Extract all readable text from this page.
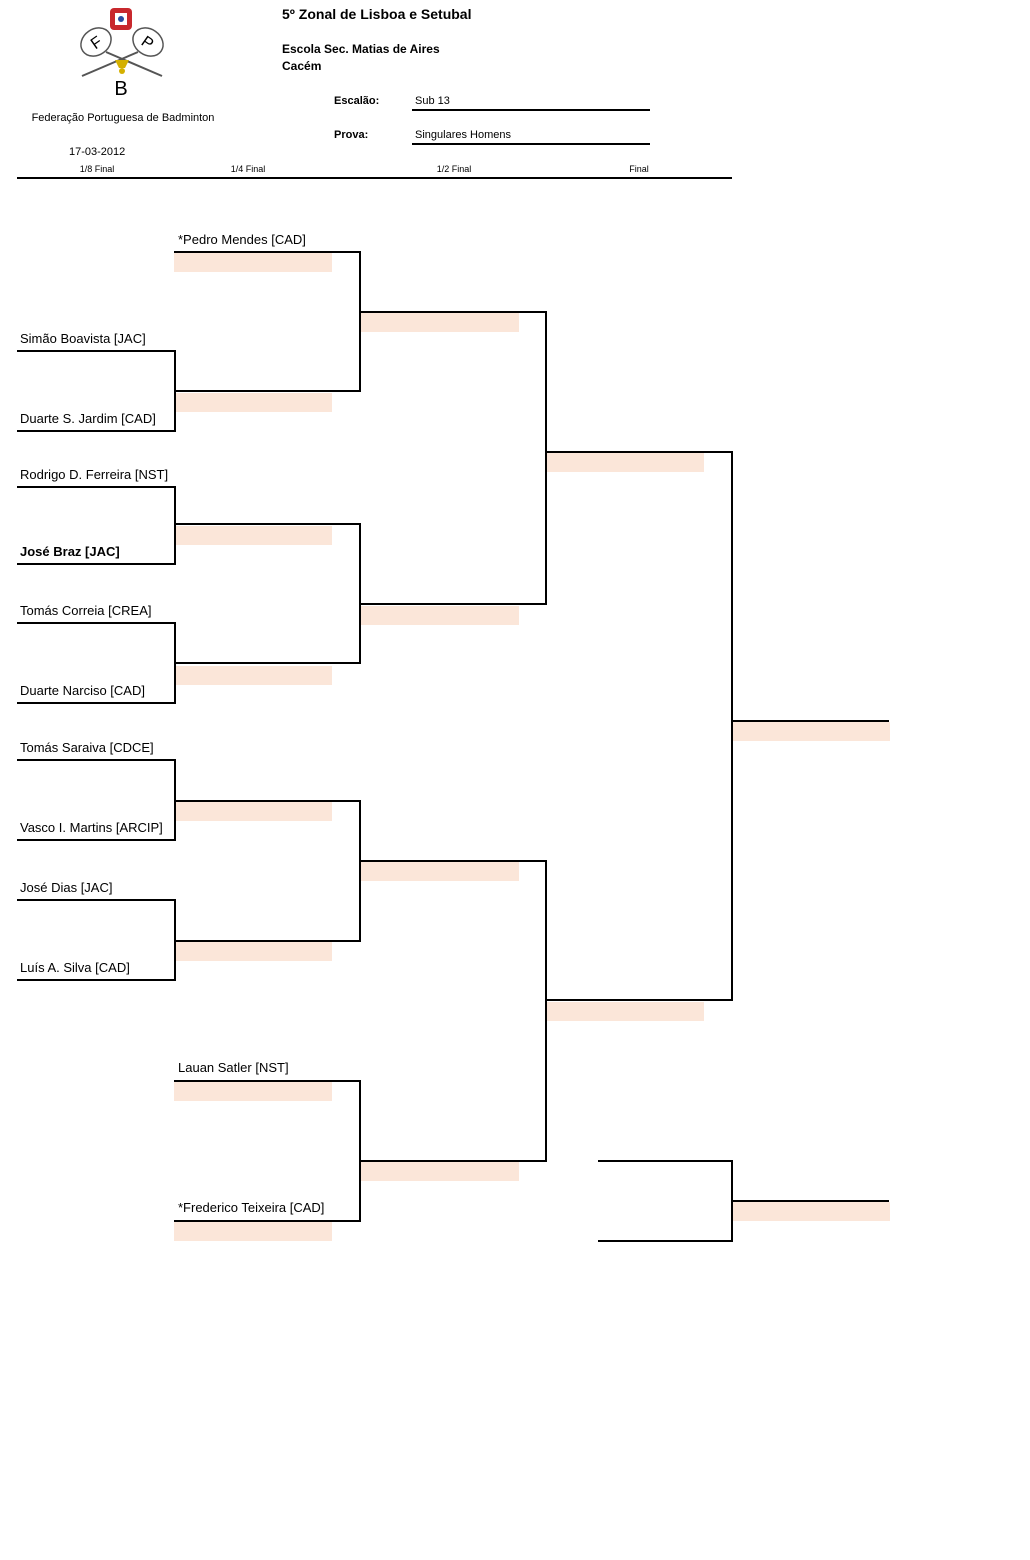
F P
B
5º Zonal de Lisboa e Setubal
Escola Sec. Matias de Aires
Cacém
Escalão:	Sub 13
Prova:	Singulares Homens
Federação Portuguesa de Badminton
17-03-2012
1/8 Final	1/4 Final	1/2 Final	Final
*Pedro Mendes [CAD]
Simão Boavista [JAC]
Duarte S. Jardim [CAD]
Rodrigo D. Ferreira [NST]
José Braz [JAC]
Tomás Correia [CREA]
Duarte Narciso [CAD]
Tomás Saraiva [CDCE]
Vasco I. Martins [ARCIP]
José Dias [JAC]
Luís A. Silva [CAD]
Lauan Satler [NST]
*Frederico Teixeira [CAD]
